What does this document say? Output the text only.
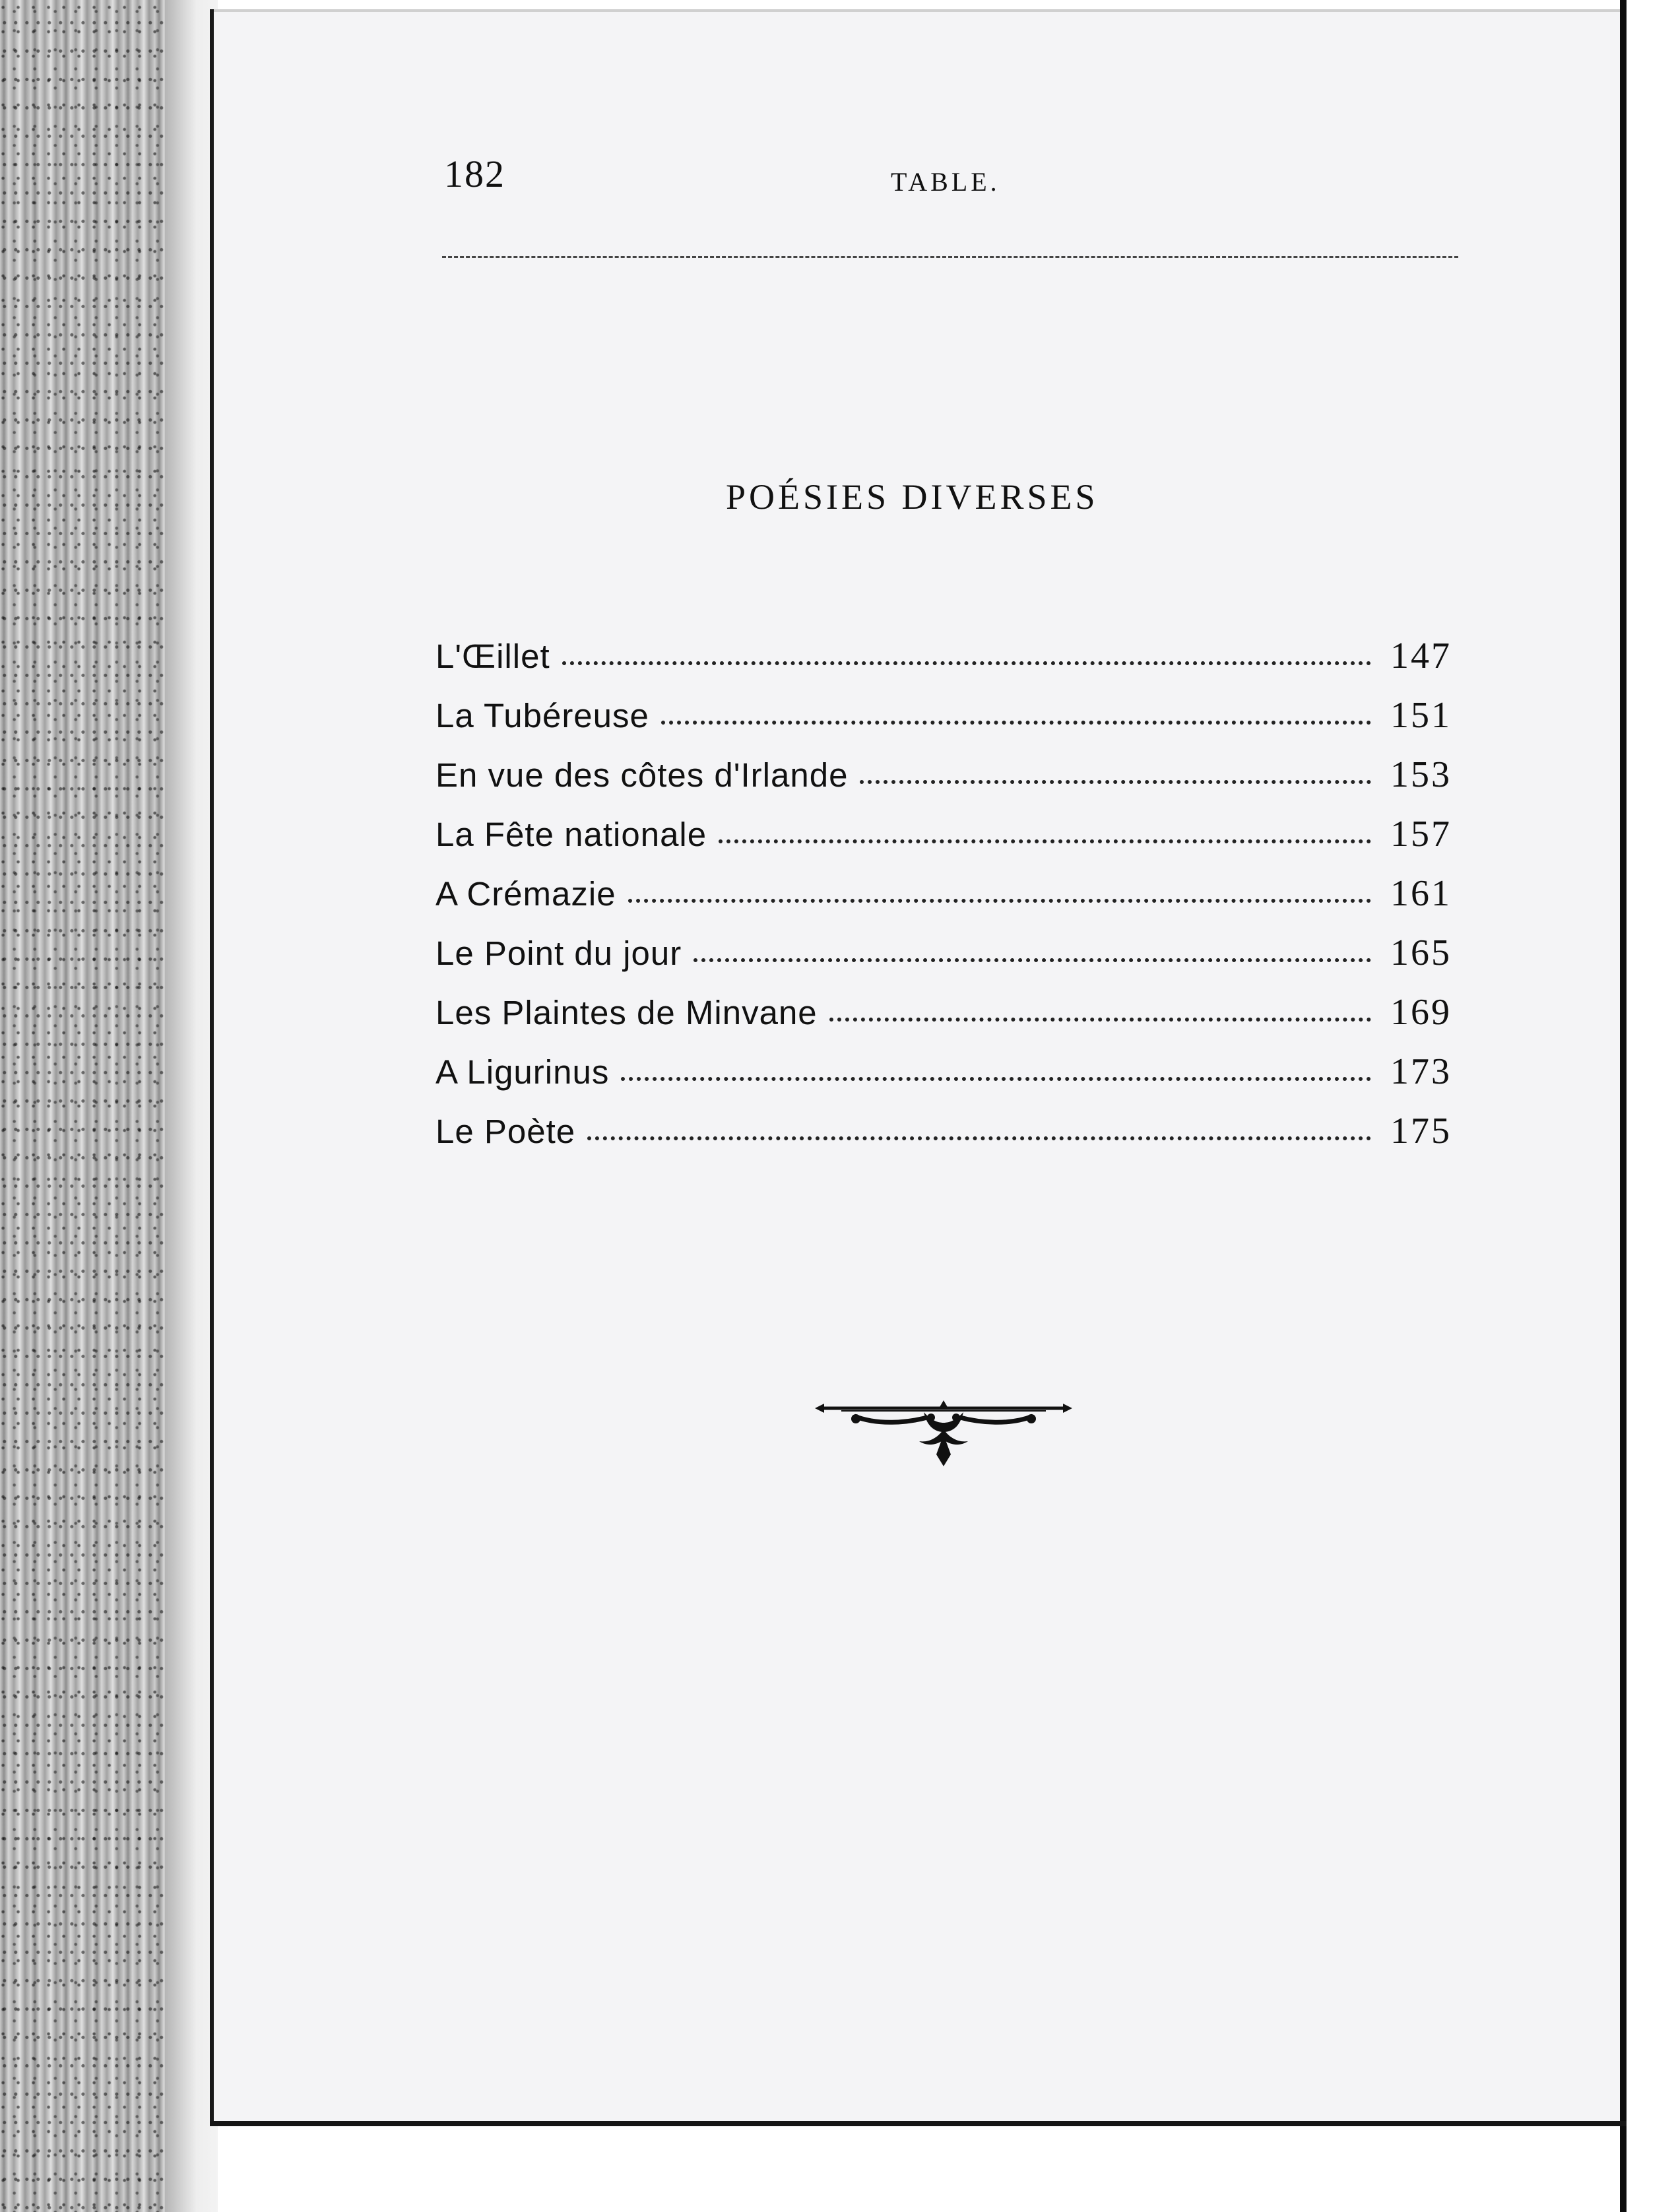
182	TABLE.
POÉSIES DIVERSES
L'Œillet	147
La Tubéreuse	151
En vue des côtes d'Irlande	153
La Fête nationale	157
A Crémazie	161
Le Point du jour	165
Les Plaintes de Minvane	169
A Ligurinus	173
Le Poète	175
